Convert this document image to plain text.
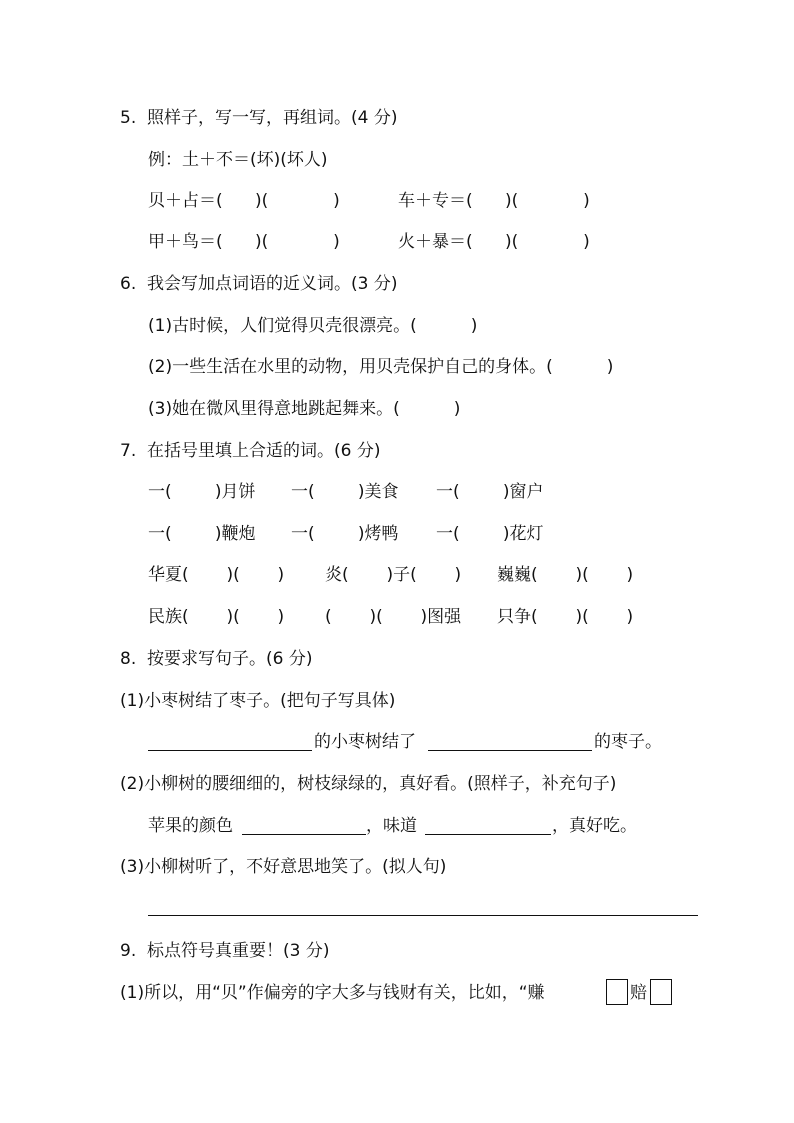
5.  照样子，写一写，再组词。(4 分)
例：土＋不＝(坏)(坏人)
贝＋占＝(      )(            )	车＋专＝(      )(            )
甲＋鸟＝(      )(            )	火＋暴＝(      )(            )
6.  我会写加点词语的近义词。(3 分)
(1)古时候，人们觉得贝壳很漂亮。(          )
(2)一些生活在水里的动物，用贝壳保护自己的身体。(          )
(3)她在微风里得意地跳起舞来。(          )
7.  在括号里填上合适的词。(6 分)
一(        )月饼 一(        )美食 一(        )窗户
一(        )鞭炮 一(        )烤鸭 一(        )花灯
华夏(       )(       ) 炎(       )子(       ) 巍巍(       )(       )
民族(       )(       ) (       )(       )图强 只争(       )(       )
8.  按要求写句子。(6 分)
(1)小枣树结了枣子。(把句子写具体)
的小枣树结了	的枣子。
(2)小柳树的腰细细的，树枝绿绿的，真好看。(照样子，补充句子)
苹果的颜色	，味道	，真好吃。
(3)小柳树听了，不好意思地笑了。(拟人句)
9.  标点符号真重要！(3 分)
(1)所以，用“贝”作偏旁的字大多与钱财有关，比如，“赚	赔
